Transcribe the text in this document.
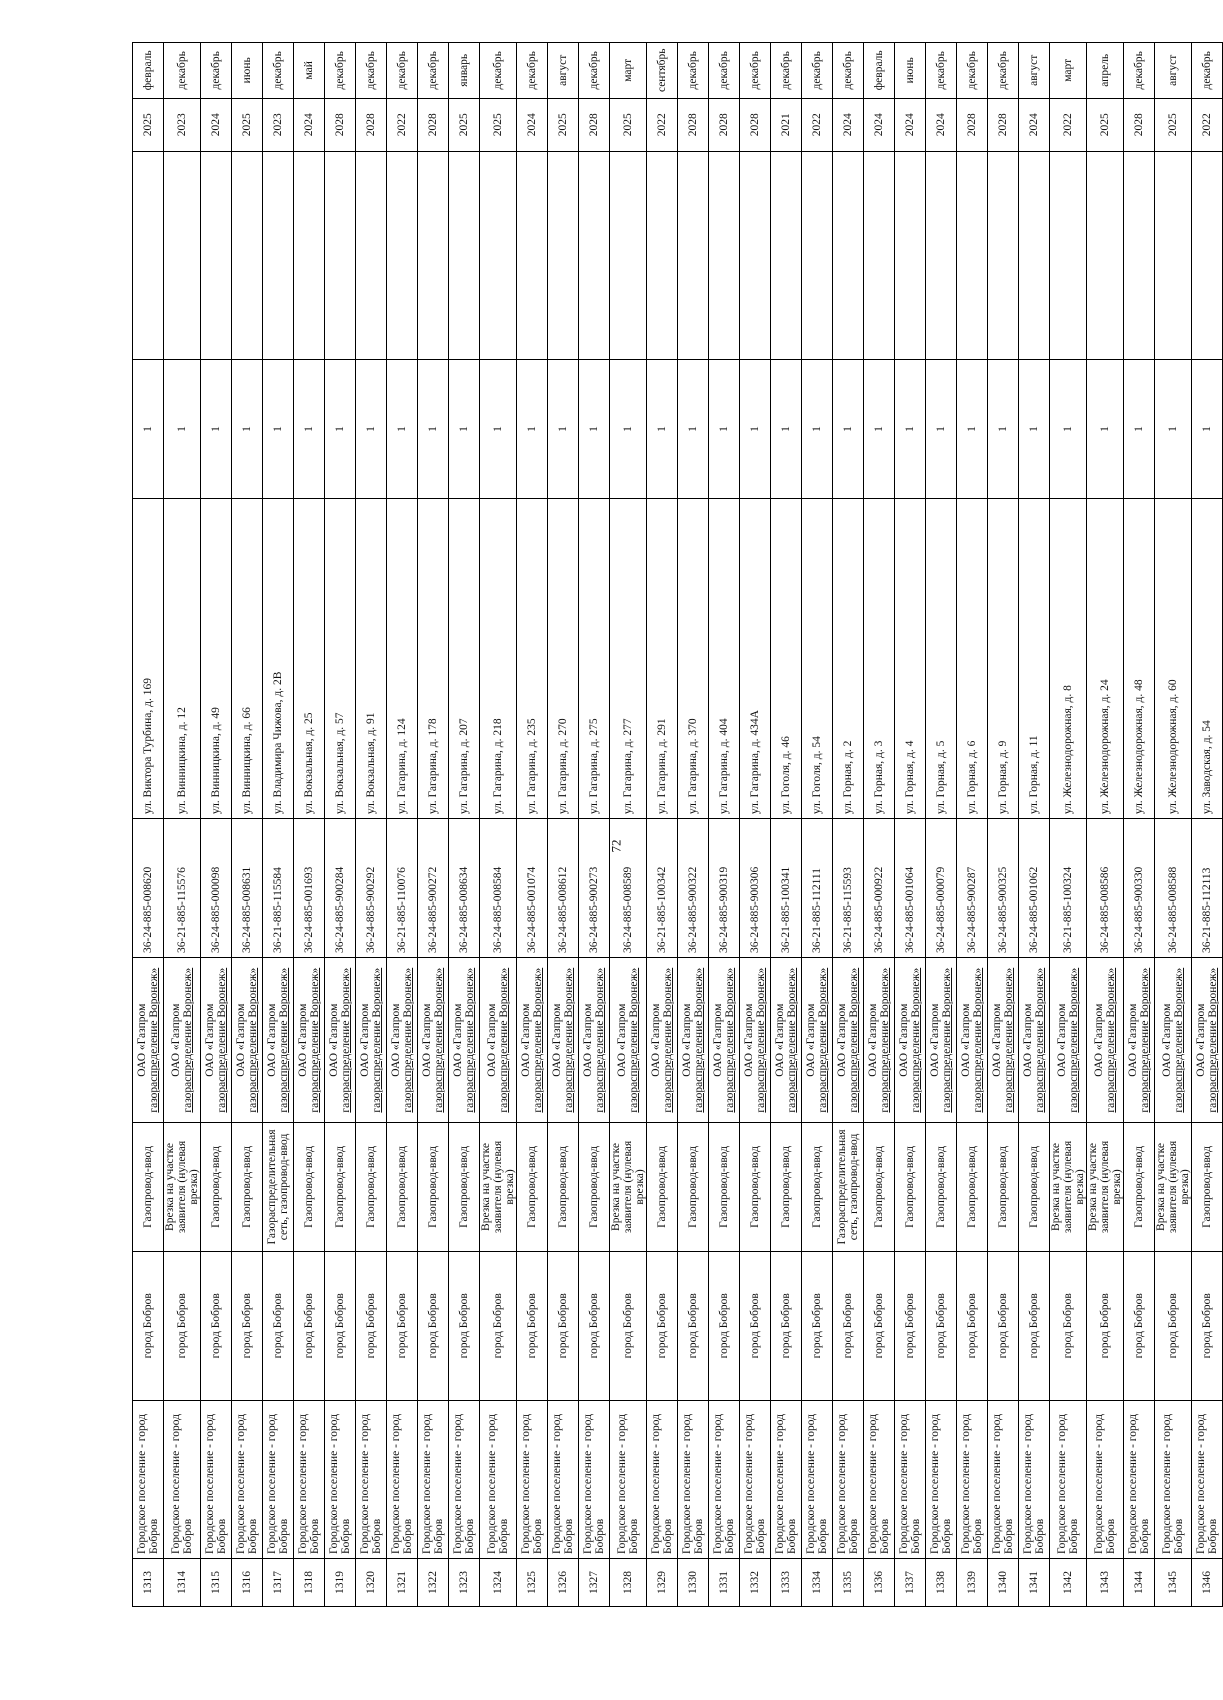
72
1313	Городское поселение - город Бобров	город Бобров	Газопровод-ввод	ОАО «Газпром газораспределение Воронеж»	36-24-885-008620	ул. Виктора Турбина, д. 169	1		2025	февраль
1314	Городское поселение - город Бобров	город Бобров	Врезка на участке заявителя (нулевая врезка)	ОАО «Газпром газораспределение Воронеж»	36-21-885-115576	ул. Винницкина, д. 12	1		2023	декабрь
1315	Городское поселение - город Бобров	город Бобров	Газопровод-ввод	ОАО «Газпром газораспределение Воронеж»	36-24-885-000098	ул. Винницкина, д. 49	1		2024	декабрь
1316	Городское поселение - город Бобров	город Бобров	Газопровод-ввод	ОАО «Газпром газораспределение Воронеж»	36-24-885-008631	ул. Винницкина, д. 66	1		2025	июнь
1317	Городское поселение - город Бобров	город Бобров	Газораспределительная сеть, газопровод-ввод	ОАО «Газпром газораспределение Воронеж»	36-21-885-115584	ул. Владимира Чижова, д. 2В	1		2023	декабрь
1318	Городское поселение - город Бобров	город Бобров	Газопровод-ввод	ОАО «Газпром газораспределение Воронеж»	36-24-885-001693	ул. Вокзальная, д. 25	1		2024	май
1319	Городское поселение - город Бобров	город Бобров	Газопровод-ввод	ОАО «Газпром газораспределение Воронеж»	36-24-885-900284	ул. Вокзальная, д. 57	1		2028	декабрь
1320	Городское поселение - город Бобров	город Бобров	Газопровод-ввод	ОАО «Газпром газораспределение Воронеж»	36-24-885-900292	ул. Вокзальная, д. 91	1		2028	декабрь
1321	Городское поселение - город Бобров	город Бобров	Газопровод-ввод	ОАО «Газпром газораспределение Воронеж»	36-21-885-110076	ул. Гагарина, д. 124	1		2022	декабрь
1322	Городское поселение - город Бобров	город Бобров	Газопровод-ввод	ОАО «Газпром газораспределение Воронеж»	36-24-885-900272	ул. Гагарина, д. 178	1		2028	декабрь
1323	Городское поселение - город Бобров	город Бобров	Газопровод-ввод	ОАО «Газпром газораспределение Воронеж»	36-24-885-008634	ул. Гагарина, д. 207	1		2025	январь
1324	Городское поселение - город Бобров	город Бобров	Врезка на участке заявителя (нулевая врезка)	ОАО «Газпром газораспределение Воронеж»	36-24-885-008584	ул. Гагарина, д. 218	1		2025	декабрь
1325	Городское поселение - город Бобров	город Бобров	Газопровод-ввод	ОАО «Газпром газораспределение Воронеж»	36-24-885-001074	ул. Гагарина, д. 235	1		2024	декабрь
1326	Городское поселение - город Бобров	город Бобров	Газопровод-ввод	ОАО «Газпром газораспределение Воронеж»	36-24-885-008612	ул. Гагарина, д. 270	1		2025	август
1327	Городское поселение - город Бобров	город Бобров	Газопровод-ввод	ОАО «Газпром газораспределение Воронеж»	36-24-885-900273	ул. Гагарина, д. 275	1		2028	декабрь
1328	Городское поселение - город Бобров	город Бобров	Врезка на участке заявителя (нулевая врезка)	ОАО «Газпром газораспределение Воронеж»	36-24-885-008589	ул. Гагарина, д. 277	1		2025	март
1329	Городское поселение - город Бобров	город Бобров	Газопровод-ввод	ОАО «Газпром газораспределение Воронеж»	36-21-885-100342	ул. Гагарина, д. 291	1		2022	сентябрь
1330	Городское поселение - город Бобров	город Бобров	Газопровод-ввод	ОАО «Газпром газораспределение Воронеж»	36-24-885-900322	ул. Гагарина, д. 370	1		2028	декабрь
1331	Городское поселение - город Бобров	город Бобров	Газопровод-ввод	ОАО «Газпром газораспределение Воронеж»	36-24-885-900319	ул. Гагарина, д. 404	1		2028	декабрь
1332	Городское поселение - город Бобров	город Бобров	Газопровод-ввод	ОАО «Газпром газораспределение Воронеж»	36-24-885-900306	ул. Гагарина, д. 434А	1		2028	декабрь
1333	Городское поселение - город Бобров	город Бобров	Газопровод-ввод	ОАО «Газпром газораспределение Воронеж»	36-21-885-100341	ул. Гоголя, д. 46	1		2021	декабрь
1334	Городское поселение - город Бобров	город Бобров	Газопровод-ввод	ОАО «Газпром газораспределение Воронеж»	36-21-885-112111	ул. Гоголя, д. 54	1		2022	декабрь
1335	Городское поселение - город Бобров	город Бобров	Газораспределительная сеть, газопровод-ввод	ОАО «Газпром газораспределение Воронеж»	36-21-885-115593	ул. Горная, д. 2	1		2024	декабрь
1336	Городское поселение - город Бобров	город Бобров	Газопровод-ввод	ОАО «Газпром газораспределение Воронеж»	36-24-885-000922	ул. Горная, д. 3	1		2024	февраль
1337	Городское поселение - город Бобров	город Бобров	Газопровод-ввод	ОАО «Газпром газораспределение Воронеж»	36-24-885-001064	ул. Горная, д. 4	1		2024	июнь
1338	Городское поселение - город Бобров	город Бобров	Газопровод-ввод	ОАО «Газпром газораспределение Воронеж»	36-24-885-000079	ул. Горная, д. 5	1		2024	декабрь
1339	Городское поселение - город Бобров	город Бобров	Газопровод-ввод	ОАО «Газпром газораспределение Воронеж»	36-24-885-900287	ул. Горная, д. 6	1		2028	декабрь
1340	Городское поселение - город Бобров	город Бобров	Газопровод-ввод	ОАО «Газпром газораспределение Воронеж»	36-24-885-900325	ул. Горная, д. 9	1		2028	декабрь
1341	Городское поселение - город Бобров	город Бобров	Газопровод-ввод	ОАО «Газпром газораспределение Воронеж»	36-24-885-001062	ул. Горная, д. 11	1		2024	август
1342	Городское поселение - город Бобров	город Бобров	Врезка на участке заявителя (нулевая врезка)	ОАО «Газпром газораспределение Воронеж»	36-21-885-100324	ул. Железнодорожная, д. 8	1		2022	март
1343	Городское поселение - город Бобров	город Бобров	Врезка на участке заявителя (нулевая врезка)	ОАО «Газпром газораспределение Воронеж»	36-24-885-008586	ул. Железнодорожная, д. 24	1		2025	апрель
1344	Городское поселение - город Бобров	город Бобров	Газопровод-ввод	ОАО «Газпром газораспределение Воронеж»	36-24-885-900330	ул. Железнодорожная, д. 48	1		2028	декабрь
1345	Городское поселение - город Бобров	город Бобров	Врезка на участке заявителя (нулевая врезка)	ОАО «Газпром газораспределение Воронеж»	36-24-885-008588	ул. Железнодорожная, д. 60	1		2025	август
1346	Городское поселение - город Бобров	город Бобров	Газопровод-ввод	ОАО «Газпром газораспределение Воронеж»	36-21-885-112113	ул. Заводская, д. 54	1		2022	декабрь
